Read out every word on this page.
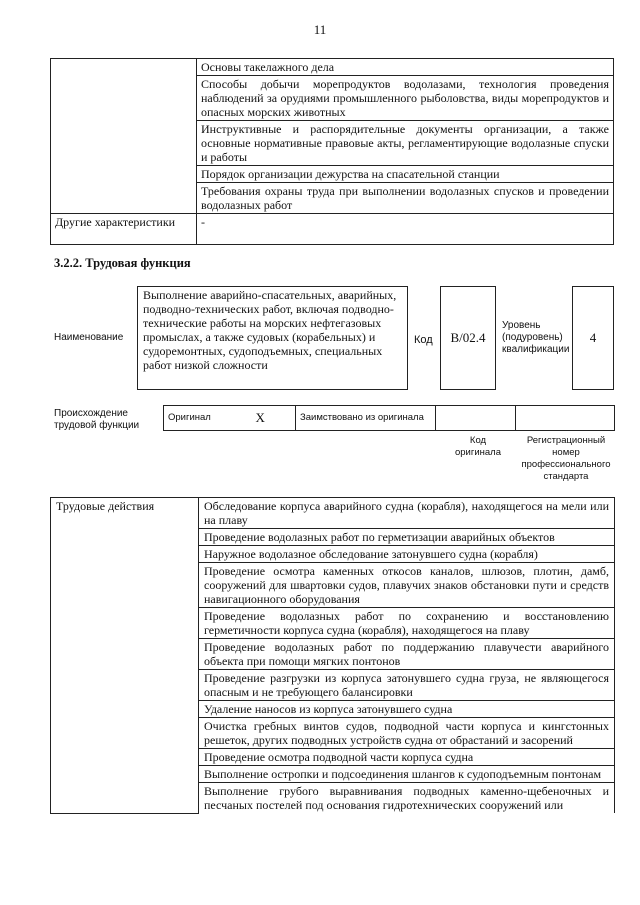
11
	Основы такелажного дела
	Способы добычи морепродуктов водолазами, технология проведения наблюдений за орудиями промышленного рыболовства, виды морепродуктов и опасных морских животных
	Инструктивные и распорядительные документы организации, а также основные нормативные правовые акты, регламентирующие водолазные спуски и работы
	Порядок организации дежурства на спасательной станции
	Требования охраны труда при выполнении водолазных спусков и проведении водолазных работ
Другие характеристики	-
3.2.2. Трудовая функция
Наименование
Выполнение аварийно-спасательных, аварийных, подводно-технических работ, включая подводно-технические работы на морских нефтегазовых промыслах, а также судовых (корабельных) и судоремонтных, судоподъемных, специальных работ низкой сложности
Код	B/02.4
Уровень (подуровень) квалификации
4
Происхождение трудовой функции
Оригинал	X	Заимствовано из оригинала		
Код оригинала
Регистрационный номер профессионального стандарта
Трудовые действия	Обследование корпуса аварийного судна (корабля), находящегося на мели или на плаву
Проведение водолазных работ по герметизации аварийных объектов
Наружное водолазное обследование затонувшего судна (корабля)
Проведение осмотра каменных откосов каналов, шлюзов, плотин, дамб, сооружений для швартовки судов, плавучих знаков обстановки пути и средств навигационного оборудования
Проведение водолазных работ по сохранению и восстановлению герметичности корпуса судна (корабля), находящегося на плаву
Проведение водолазных работ по поддержанию плавучести аварийного объекта при помощи мягких понтонов
Проведение разгрузки из корпуса затонувшего судна груза, не являющегося опасным и не требующего балансировки
Удаление наносов из корпуса затонувшего судна
Очистка гребных винтов судов, подводной части корпуса и кингстонных решеток, других подводных устройств судна от обрастаний и засорений
Проведение осмотра подводной части корпуса судна
Выполнение остропки и подсоединения шлангов к судоподъемным понтонам
Выполнение грубого выравнивания подводных каменно-щебеночных и песчаных постелей под основания гидротехнических сооружений или
